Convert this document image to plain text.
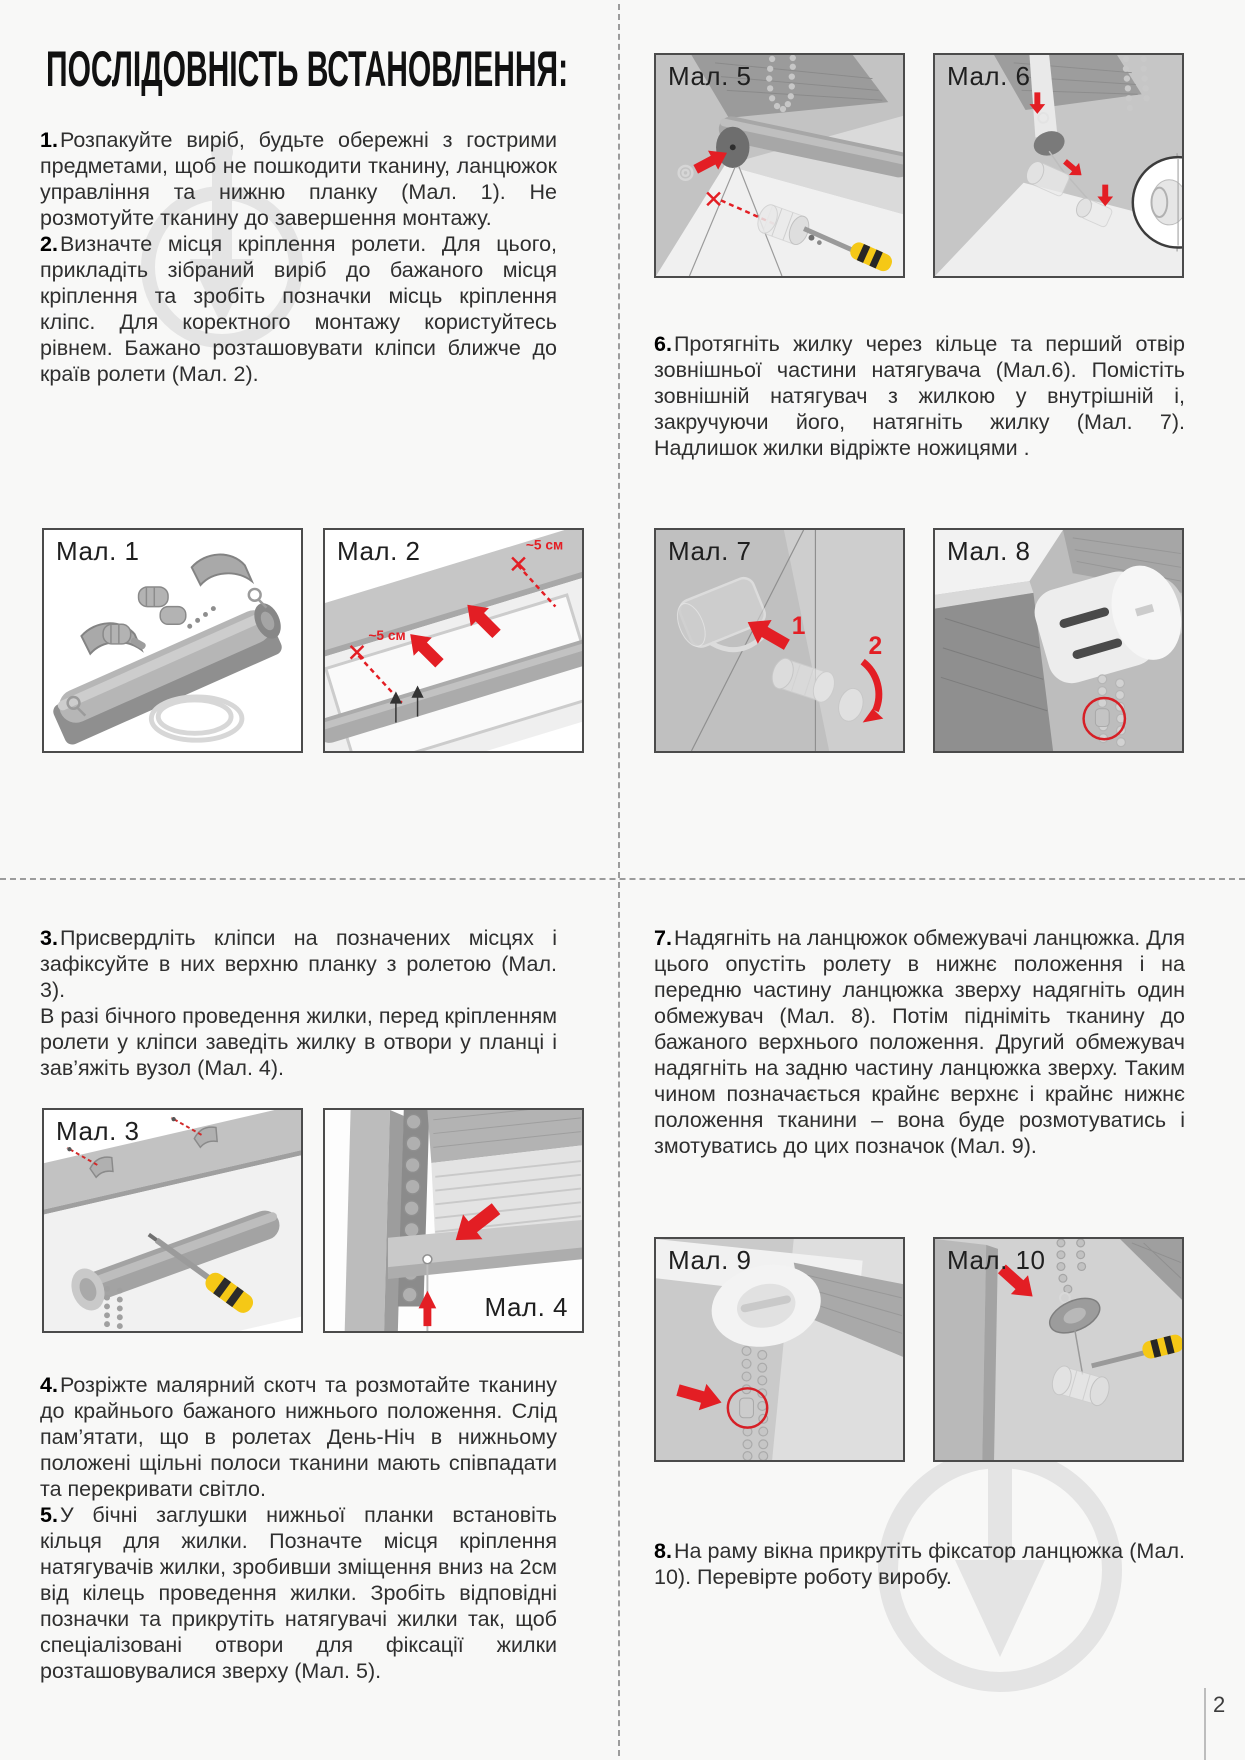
ПОСЛІДОВНІСТЬ ВСТАНОВЛЕННЯ:

1.Розпакуйте виріб, будьте обережні з гострими предметами, щоб не пошкодити тканину, ланцюжок управління та нижню планку (Мал. 1). Не розмотуйте тканину до завершення монтажу.

2.Визначте місця кріплення ролети. Для цього, прикладіть зібраний виріб до бажаного місця кріплення та зробіть позначки місць кріплення кліпс. Для коректного монтажу користуйтесь рівнем. Бажано розташовувати кліпси ближче до країв ролети (Мал. 2).

6.Протягніть жилку через кільце та перший отвір зовнішньої частини натягувача (Мал.6). Помістіть зовнішній натягувач з жилкою у внутрішній і, закручуючи його, натягніть жилку (Мал. 7). Надлишок жилки відріжте ножицями .

3.Присвердліть кліпси на позначених місцях і зафіксуйте в них верхню планку з ролетою (Мал. 3).

В разі бічного проведення жилки, перед кріпленням ролети у кліпси заведіть жилку в отвори у планці і зав’яжіть вузол (Мал. 4).

4.Розріжте малярний скотч та розмотайте тканину до крайнього бажаного нижнього положення. Слід пам’ятати, що в ролетах День-Ніч в нижньому положені щільні полоси тканини мають співпадати та перекривати світло.

5.У бічні заглушки нижньої планки встановіть кільця для жилки. Позначте місця кріплення натягувачів жилки, зробивши зміщення вниз на 2см від кілець проведення жилки. Зробіть відповідні позначки та прикрутіть натягувачі жилки так, щоб спеціалізовані отвори для фіксації жилки розташовувалися зверху (Мал. 5).

7.Надягніть на ланцюжок обмежувачі ланцюжка. Для цього опустіть ролету в нижнє положення і на передню частину ланцюжка зверху надягніть один обмежувач (Мал. 8). Потім підніміть тканину до бажаного верхнього положення. Другий обмежувач надягніть на задню частину ланцюжка зверху. Таким чином позначається крайнє верхнє і крайнє нижнє положення тканини – вона буде розмотуватись і змотуватись до цих позначок (Мал. 9).

8.На раму вікна прикрутіть фіксатор ланцюжка (Мал. 10). Перевірте роботу виробу.

Мал. 1	~5 см
~5 см
Мал. 2
Мал. 3
Мал. 4
Мал. 5	Мал. 6
1
2
Мал. 7	Мал. 8
Мал. 9	Мал. 10
2
